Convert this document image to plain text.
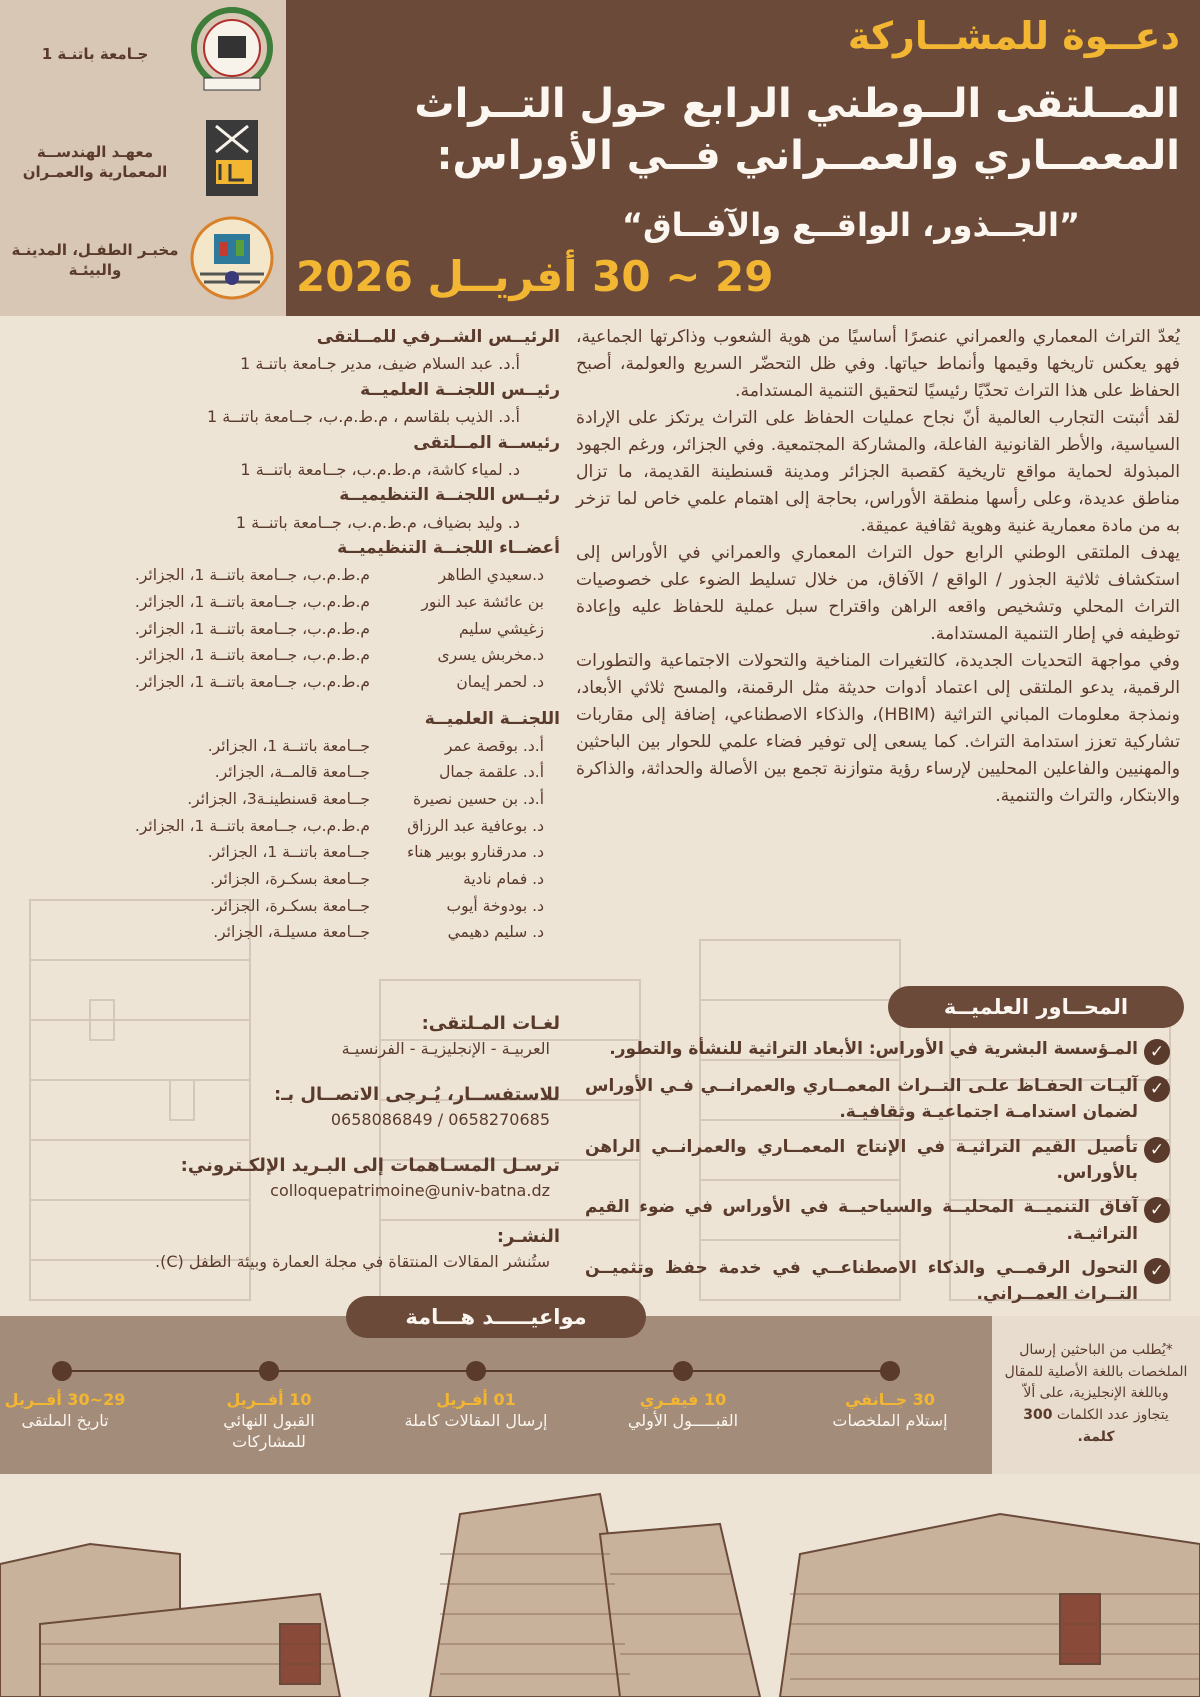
جـامعة باتنـة 1
معهـد الهندســة المعمارية والعمـران
مخبـر الطفـل، المدينـة والبيئـة
دعــوة للمشــاركة
المــلتقى الــوطني الرابع حول التــراث
المعمــاري والعمــراني فــي الأوراس:
”الجــذور، الواقــع والآفــاق“
29 ~ 30 أفريــل 2026

يُعدّ التراث المعماري والعمراني عنصرًا أساسيًا من هوية الشعوب وذاكرتها الجماعية، فهو يعكس تاريخها وقيمها وأنماط حياتها. وفي ظل التحضّر السريع والعولمة، أصبح الحفاظ على هذا التراث تحدّيًا رئيسيًا لتحقيق التنمية المستدامة.

لقد أثبتت التجارب العالمية أنّ نجاح عمليات الحفاظ على التراث يرتكز على الإرادة السياسية، والأطر القانونية الفاعلة، والمشاركة المجتمعية. وفي الجزائر، ورغم الجهود المبذولة لحماية مواقع تاريخية كقصبة الجزائر ومدينة قسنطينة القديمة، ما تزال مناطق عديدة، وعلى رأسها منطقة الأوراس، بحاجة إلى اهتمام علمي خاص لما تزخر به من مادة معمارية غنية وهوية ثقافية عميقة.

يهدف الملتقى الوطني الرابع حول التراث المعماري والعمراني في الأوراس إلى استكشاف ثلاثية الجذور / الواقع / الآفاق، من خلال تسليط الضوء على خصوصيات التراث المحلي وتشخيص واقعه الراهن واقتراح سبل عملية للحفاظ عليه وإعادة توظيفه في إطار التنمية المستدامة.

وفي مواجهة التحديات الجديدة، كالتغيرات المناخية والتحولات الاجتماعية والتطورات الرقمية، يدعو الملتقى إلى اعتماد أدوات حديثة مثل الرقمنة، والمسح ثلاثي الأبعاد، ونمذجة معلومات المباني التراثية (HBIM)، والذكاء الاصطناعي، إضافة إلى مقاربات تشاركية تعزز استدامة التراث. كما يسعى إلى توفير فضاء علمي للحوار بين الباحثين والمهنيين والفاعلين المحليين لإرساء رؤية متوازنة تجمع بين الأصالة والحداثة، والذاكرة والابتكار، والتراث والتنمية.

الرئيــس الشــرفي للمــلتقى
أ.د. عبد السلام ضيف، مدير جـامعة باتنـة 1
رئيــس اللجنــة العلميــة
أ.د. الذيب بلقاسم ، م.ط.م.ب، جــامعة باتنــة 1
رئيســة المــلتقى
د. لمياء كاشة، م.ط.م.ب، جــامعة باتنــة 1
رئيــس اللجنــة التنظيميــة
د. وليد بضياف، م.ط.م.ب، جــامعة باتنــة 1
أعضــاء اللجنــة التنظيميــة
د.سعيدي الطاهر	م.ط.م.ب، جــامعة باتنــة 1، الجزائر.
بن عائشة عبد النور	م.ط.م.ب، جــامعة باتنــة 1، الجزائر.
زغيشي سليم	م.ط.م.ب، جــامعة باتنــة 1، الجزائر.
د.مخربش يسرى	م.ط.م.ب، جــامعة باتنــة 1، الجزائر.
د. لحمر إيمان	م.ط.م.ب، جــامعة باتنــة 1، الجزائر.
اللجنــة العلميــة
أ.د. بوقصة عمر	جــامعة باتنــة 1، الجزائر.
أ.د. علقمة جمال	جــامعة قالمــة، الجزائر.
أ.د. بن حسين نصيرة	جــامعة قسنطينـة3، الجزائر.
د. بوعافية عبد الرزاق	م.ط.م.ب، جــامعة باتنــة 1، الجزائر.
د. مدرقنارو بوبير هناء	جــامعة باتنــة 1، الجزائر.
د. فمام نادية	جــامعة بسكـرة، الجزائر.
د. بودوخة أيوب	جــامعة بسكـرة، الجزائر.
د. سليم دهيمي	جــامعة مسيلـة، الجزائر.
لغـات المـلتقى:
العربيـة - الإنجليزيـة - الفرنسيـة
للاستفســار، يُـرجى الاتصــال بـ:
0658086849 / 0658270685
ترسـل المسـاهمات إلى البـريد الإلكـتروني:
colloquepatrimoine@univ-batna.dz
النشـر:
ستُنشر المقالات المنتقاة في مجلة العمارة وبيئة الطفل (C).
المحــاور العلميــة
✓
المـؤسسة البشرية في الأوراس: الأبعاد التراثية للنشأة والتطور.
✓
آليـات الحفـاظ علـى التــراث المعمــاري والعمرانــي فـي الأوراس لضمان استدامـة اجتماعيـة وثقافيـة.
✓
تأصيل القيم التراثيـة في الإنتاج المعمــاري والعمرانــي الراهن بالأوراس.
✓
آفاق التنميــة المحليــة والسياحيــة في الأوراس في ضوء القيم التراثيـة.
✓
التحول الرقمــي والذكاء الاصطناعــي في خدمة حفظ وتثميــن التــراث العمــراني.
*يُطلب من الباحثين إرسال الملخصات باللغة الأصلية للمقال وباللغة الإنجليزية، على ألاّ يتجاوز عدد الكلمات 300 كلمة.
مواعيـــــد هـــامة
30 جــانفي
إستلام الملخصات
10 فيفـري
القبـــــول الأولي
01 أفـريل
إرسال المقالات كاملة
10 أفــريل
القبول النهائي للمشاركات
29~30 أفــريل
تاريخ الملتقى
